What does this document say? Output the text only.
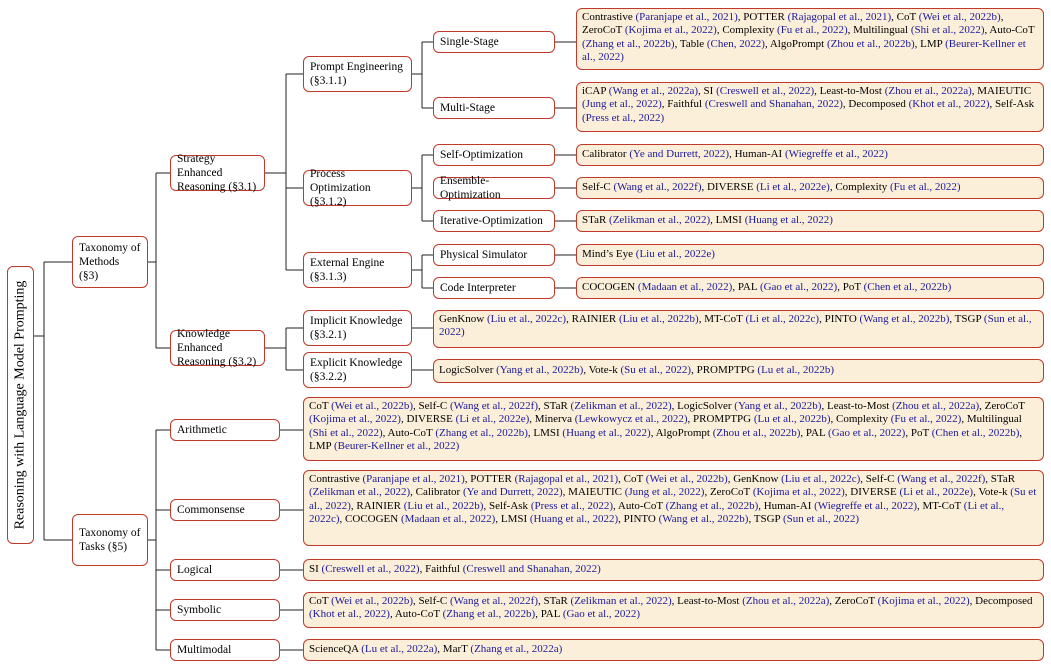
Reasoning with Language Model Prompting
Taxonomy of Methods (§3)
Taxonomy of Tasks (§5)
Strategy Enhanced Reasoning (§3.1)
Knowledge Enhanced Reasoning (§3.2)
Prompt Engineering (§3.1.1)
Process Optimization (§3.1.2)
External Engine (§3.1.3)
Implicit Knowledge (§3.2.1)
Explicit Knowledge (§3.2.2)
Single-Stage
Multi-Stage
Self-Optimization
Ensemble-Optimization
Iterative-Optimization
Physical Simulator
Code Interpreter
Arithmetic
Commonsense
Logical
Symbolic
Multimodal
Contrastive (Paranjape et al., 2021), POTTER (Rajagopal et al., 2021), CoT (Wei et al., 2022b), ZeroCoT (Kojima et al., 2022), Complexity (Fu et al., 2022), Multilingual (Shi et al., 2022), Auto-CoT (Zhang et al., 2022b), Table (Chen, 2022), AlgoPrompt (Zhou et al., 2022b), LMP (Beurer-Kellner et al., 2022)
iCAP (Wang et al., 2022a), SI (Creswell et al., 2022), Least-to-Most (Zhou et al., 2022a), MAIEUTIC (Jung et al., 2022), Faithful (Creswell and Shanahan, 2022), Decomposed (Khot et al., 2022), Self-Ask (Press et al., 2022)
Calibrator (Ye and Durrett, 2022), Human-AI (Wiegreffe et al., 2022)
Self-C (Wang et al., 2022f), DIVERSE (Li et al., 2022e), Complexity (Fu et al., 2022)
STaR (Zelikman et al., 2022), LMSI (Huang et al., 2022)
Mind’s Eye (Liu et al., 2022e)
COCOGEN (Madaan et al., 2022), PAL (Gao et al., 2022), PoT (Chen et al., 2022b)
GenKnow (Liu et al., 2022c), RAINIER (Liu et al., 2022b), MT-CoT (Li et al., 2022c), PINTO (Wang et al., 2022b), TSGP (Sun et al., 2022)
LogicSolver (Yang et al., 2022b), Vote-k (Su et al., 2022), PROMPTPG (Lu et al., 2022b)
CoT (Wei et al., 2022b), Self-C (Wang et al., 2022f), STaR (Zelikman et al., 2022), LogicSolver (Yang et al., 2022b), Least-to-Most (Zhou et al., 2022a), ZeroCoT (Kojima et al., 2022), DIVERSE (Li et al., 2022e), Minerva (Lewkowycz et al., 2022), PROMPTPG (Lu et al., 2022b), Complexity (Fu et al., 2022), Multilingual (Shi et al., 2022), Auto-CoT (Zhang et al., 2022b), LMSI (Huang et al., 2022), AlgoPrompt (Zhou et al., 2022b), PAL (Gao et al., 2022), PoT (Chen et al., 2022b), LMP (Beurer-Kellner et al., 2022)
Contrastive (Paranjape et al., 2021), POTTER (Rajagopal et al., 2021), CoT (Wei et al., 2022b), GenKnow (Liu et al., 2022c), Self-C (Wang et al., 2022f), STaR (Zelikman et al., 2022), Calibrator (Ye and Durrett, 2022), MAIEUTIC (Jung et al., 2022), ZeroCoT (Kojima et al., 2022), DIVERSE (Li et al., 2022e), Vote-k (Su et al., 2022), RAINIER (Liu et al., 2022b), Self-Ask (Press et al., 2022), Auto-CoT (Zhang et al., 2022b), Human-AI (Wiegreffe et al., 2022), MT-CoT (Li et al., 2022c), COCOGEN (Madaan et al., 2022), LMSI (Huang et al., 2022), PINTO (Wang et al., 2022b), TSGP (Sun et al., 2022)
SI (Creswell et al., 2022), Faithful (Creswell and Shanahan, 2022)
CoT (Wei et al., 2022b), Self-C (Wang et al., 2022f), STaR (Zelikman et al., 2022), Least-to-Most (Zhou et al., 2022a), ZeroCoT (Kojima et al., 2022), Decomposed (Khot et al., 2022), Auto-CoT (Zhang et al., 2022b), PAL (Gao et al., 2022)
ScienceQA (Lu et al., 2022a), MarT (Zhang et al., 2022a)
